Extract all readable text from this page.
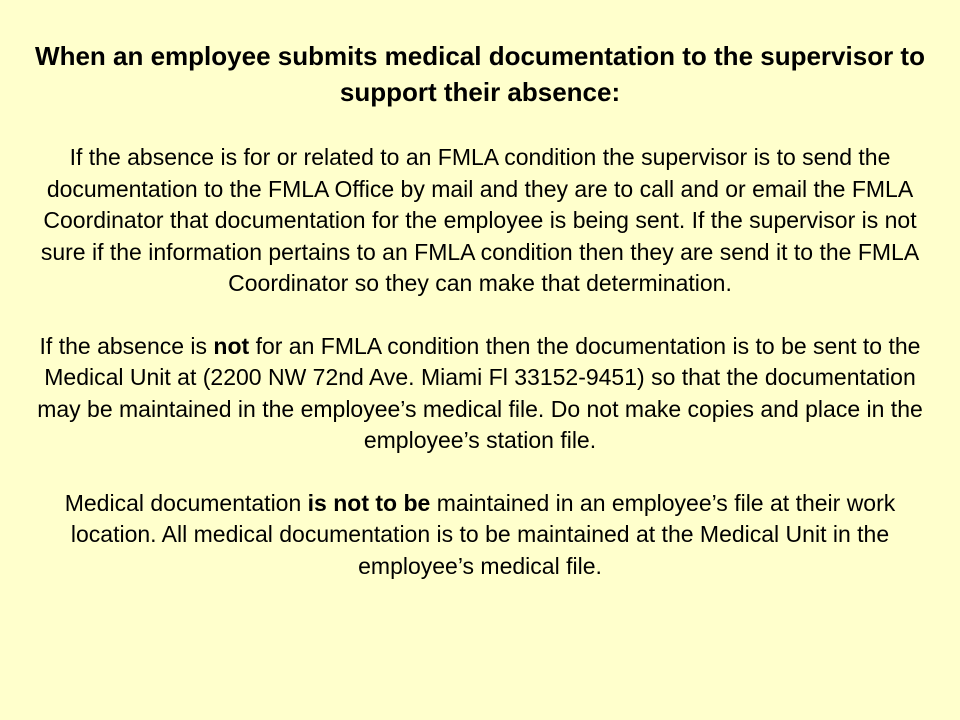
When an employee submits medical documentation to the supervisor to support their absence:
If the absence is for or related to an FMLA condition the supervisor is to send the documentation to the FMLA Office by mail and they are to call and or email the FMLA Coordinator that documentation for the employee is being sent. If the supervisor is not sure if the information pertains to an FMLA condition then they are send it to the FMLA Coordinator so they can make that determination.
If the absence is not for an FMLA condition then the documentation is to be sent to the Medical Unit at (2200 NW 72nd Ave. Miami Fl 33152-9451) so that the documentation may be maintained in the employee’s medical file. Do not make copies and place in the employee’s station file.
Medical documentation is not to be maintained in an employee’s file at their work location. All medical documentation is to be maintained at the Medical Unit in the employee’s medical file.
